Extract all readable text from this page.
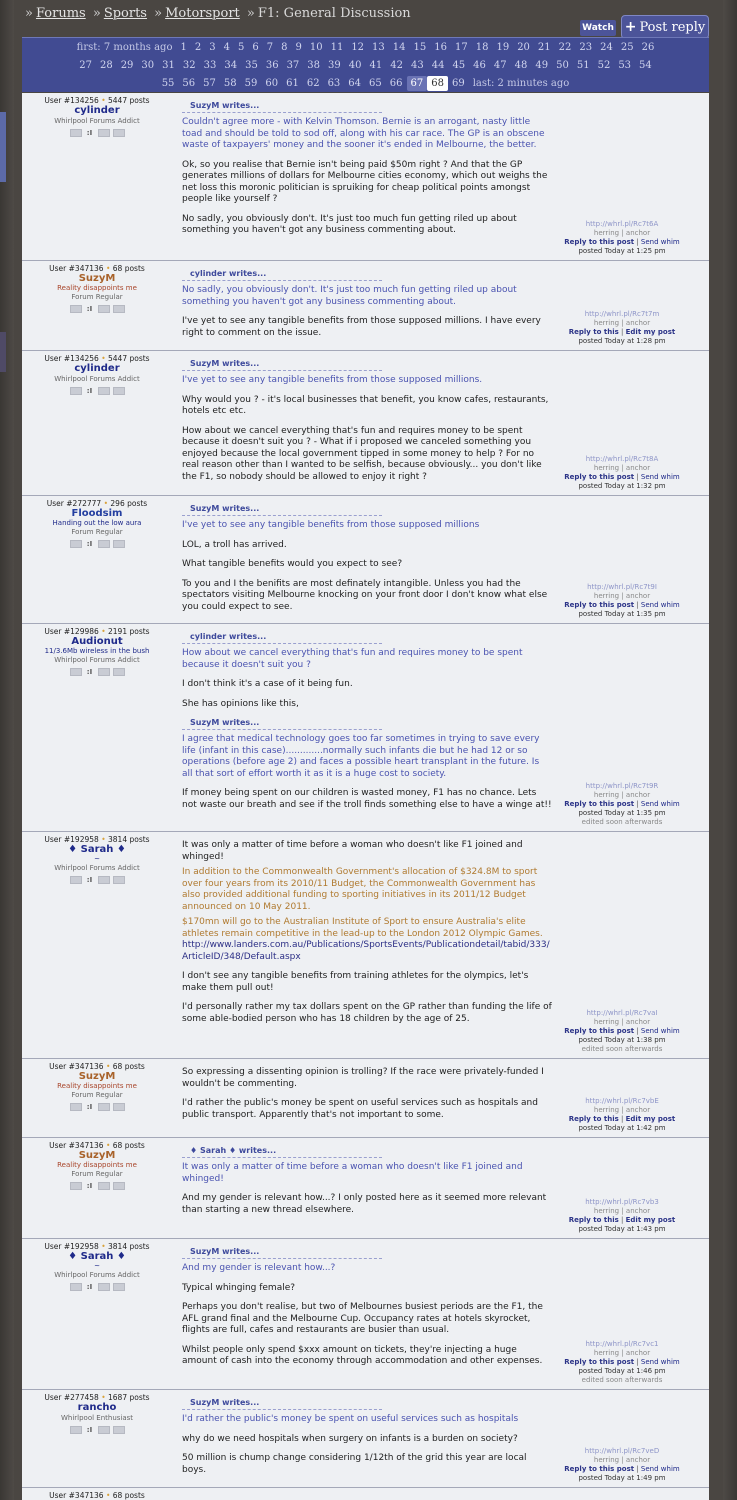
» Forums » Sports » Motorsport » F1: General Discussion
Watch + Post reply
first: 7 months ago 1 2 3 4 5 6 7 8 9 10 11 12 13 14 15 16 17 18 19 20 21 22 23 24 25 26
27 28 29 30 31 32 33 34 35 36 37 38 39 40 41 42 43 44 45 46 47 48 49 50 51 52 53 54
55 56 57 58 59 60 61 62 63 64 65 66 67 68 69 last: 2 minutes ago
User #134256 • 5447 posts
cylinder
Whirlpool Forums Addict
:I
SuzyM writes...
Couldn't agree more - with Kelvin Thomson. Bernie is an arrogant, nasty little toad and should be told to sod off, along with his car race. The GP is an obscene waste of taxpayers' money and the sooner it's ended in Melbourne, the better.
Ok, so you realise that Bernie isn't being paid $50m right ? And that the GP generates millions of dollars for Melbourne cities economy, which out weighs the net loss this moronic politician is spruiking for cheap political points amongst people like yourself ?
No sadly, you obviously don't. It's just too much fun getting riled up about something you haven't got any business commenting about.
http://whrl.pl/Rc7t6A
herring | anchor
Reply to this post | Send whim
posted Today at 1:25 pm
User #347136 • 68 posts
SuzyM
Reality disappoints me
Forum Regular
:I
cylinder writes...
No sadly, you obviously don't. It's just too much fun getting riled up about something you haven't got any business commenting about.
I've yet to see any tangible benefits from those supposed millions. I have every right to comment on the issue.
http://whrl.pl/Rc7t7m
herring | anchor
Reply to this | Edit my post
posted Today at 1:28 pm
User #134256 • 5447 posts
cylinder
Whirlpool Forums Addict
:I
SuzyM writes...
I've yet to see any tangible benefits from those supposed millions.
Why would you ? - it's local businesses that benefit, you know cafes, restaurants, hotels etc etc.
How about we cancel everything that's fun and requires money to be spent because it doesn't suit you ? - What if i proposed we canceled something you enjoyed because the local government tipped in some money to help ? For no real reason other than I wanted to be selfish, because obviously... you don't like the F1, so nobody should be allowed to enjoy it right ?
http://whrl.pl/Rc7t8A
herring | anchor
Reply to this post | Send whim
posted Today at 1:32 pm
User #272777 • 296 posts
Floodsim
Handing out the low aura
Forum Regular
:I
SuzyM writes...
I've yet to see any tangible benefits from those supposed millions
LOL, a troll has arrived.
What tangible benefits would you expect to see?
To you and I the benifits are most definately intangible. Unless you had the spectators visiting Melbourne knocking on your front door I don't know what else you could expect to see.
http://whrl.pl/Rc7t9I
herring | anchor
Reply to this post | Send whim
posted Today at 1:35 pm
User #129986 • 2191 posts
Audionut
11/3.6Mb wireless in the bush
Whirlpool Forums Addict
:I
cylinder writes...
How about we cancel everything that's fun and requires money to be spent because it doesn't suit you ?
I don't think it's a case of it being fun.
She has opinions like this,
SuzyM writes...
I agree that medical technology goes too far sometimes in trying to save every life (infant in this case).............normally such infants die but he had 12 or so operations (before age 2) and faces a possible heart transplant in the future. Is all that sort of effort worth it as it is a huge cost to society.
If money being spent on our children is wasted money, F1 has no chance. Lets not waste our breath and see if the troll finds something else to have a winge at!!
http://whrl.pl/Rc7t9R
herring | anchor
Reply to this post | Send whim
posted Today at 1:35 pm
edited soon afterwards
User #192958 • 3814 posts
♦ Sarah ♦
~
Whirlpool Forums Addict
:I
It was only a matter of time before a woman who doesn't like F1 joined and whinged!
In addition to the Commonwealth Government's allocation of $324.8M to sport over four years from its 2010/11 Budget, the Commonwealth Government has also provided additional funding to sporting initiatives in its 2011/12 Budget announced on 10 May 2011.
$170mn will go to the Australian Institute of Sport to ensure Australia's elite athletes remain competitive in the lead-up to the London 2012 Olympic Games.
http://www.landers.com.au/Publications/SportsEvents/Publicationdetail/tabid/333/ArticleID/348/Default.aspx
I don't see any tangible benefits from training athletes for the olympics, let's make them pull out!
I'd personally rather my tax dollars spent on the GP rather than funding the life of some able-bodied person who has 18 children by the age of 25.
http://whrl.pl/Rc7vaI
herring | anchor
Reply to this post | Send whim
posted Today at 1:38 pm
edited soon afterwards
User #347136 • 68 posts
SuzyM
Reality disappoints me
Forum Regular
:I
So expressing a dissenting opinion is trolling? If the race were privately-funded I wouldn't be commenting.
I'd rather the public's money be spent on useful services such as hospitals and public transport. Apparently that's not important to some.
http://whrl.pl/Rc7vbE
herring | anchor
Reply to this | Edit my post
posted Today at 1:42 pm
User #347136 • 68 posts
SuzyM
Reality disappoints me
Forum Regular
:I
♦ Sarah ♦ writes...
It was only a matter of time before a woman who doesn't like F1 joined and whinged!
And my gender is relevant how...? I only posted here as it seemed more relevant than starting a new thread elsewhere.
http://whrl.pl/Rc7vb3
herring | anchor
Reply to this | Edit my post
posted Today at 1:43 pm
User #192958 • 3814 posts
♦ Sarah ♦
~
Whirlpool Forums Addict
:I
SuzyM writes...
And my gender is relevant how...?
Typical whinging female?
Perhaps you don't realise, but two of Melbournes busiest periods are the F1, the AFL grand final and the Melbourne Cup. Occupancy rates at hotels skyrocket, flights are full, cafes and restaurants are busier than usual.
Whilst people only spend $xxx amount on tickets, they're injecting a huge amount of cash into the economy through accommodation and other expenses.
http://whrl.pl/Rc7vc1
herring | anchor
Reply to this post | Send whim
posted Today at 1:46 pm
edited soon afterwards
User #277458 • 1687 posts
rancho
Whirlpool Enthusiast
:I
SuzyM writes...
I'd rather the public's money be spent on useful services such as hospitals
why do we need hospitals when surgery on infants is a burden on society?
50 million is chump change considering 1/12th of the grid this year are local boys.
http://whrl.pl/Rc7veD
herring | anchor
Reply to this post | Send whim
posted Today at 1:49 pm
User #347136 • 68 posts
